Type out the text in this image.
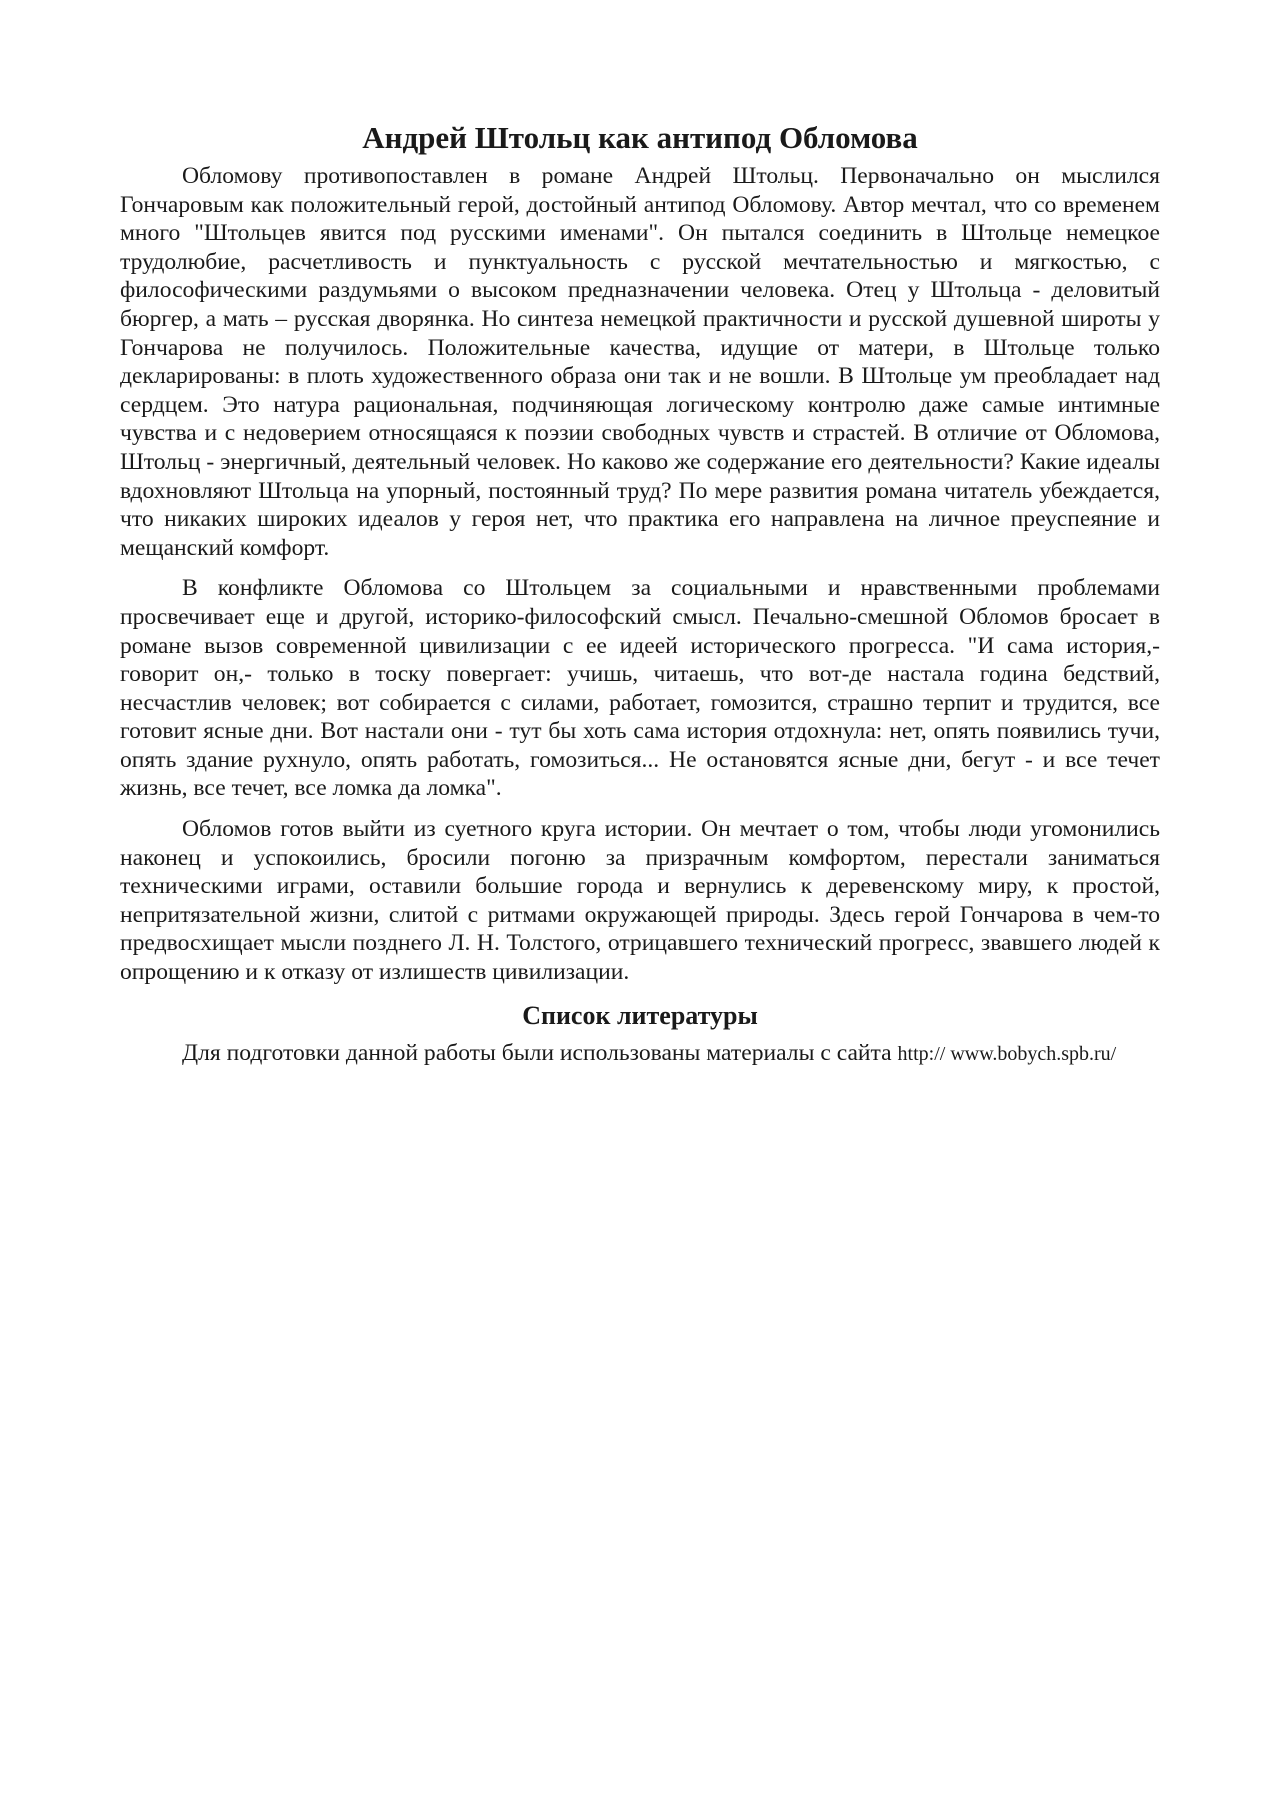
Андрей Штольц как антипод Обломова

Обломову противопоставлен в романе Андрей Штольц. Первоначально он мыслился Гончаровым как положительный герой, достойный антипод Обломову. Автор мечтал, что со временем много "Штольцев явится под русскими именами". Он пытался соединить в Штольце немецкое трудолюбие, расчетливость и пунктуальность с русской мечтательностью и мягкостью, с философическими раздумьями о высоком предназначении человека. Отец у Штольца - деловитый бюргер, а мать – русская дворянка. Но синтеза немецкой практичности и русской душевной широты у Гончарова не получилось. Положительные качества, идущие от матери, в Штольце только декларированы: в плоть художественного образа они так и не вошли. В Штольце ум преобладает над сердцем. Это натура рациональная, подчиняющая логическому контролю даже самые интимные чувства и с недоверием относящаяся к поэзии свободных чувств и страстей. В отличие от Обломова, Штольц - энергичный, деятельный человек. Но каково же содержание его деятельности? Какие идеалы вдохновляют Штольца на упорный, постоянный труд? По мере развития романа читатель убеждается, что никаких широких идеалов у героя нет, что практика его направлена на личное преуспеяние и мещанский комфорт.

В конфликте Обломова со Штольцем за социальными и нравственными проблемами просвечивает еще и другой, историко-философский смысл. Печально-смешной Обломов бросает в романе вызов современной цивилизации с ее идеей исторического прогресса. "И сама история,- говорит он,- только в тоску повергает: учишь, читаешь, что вот-де настала година бедствий, несчастлив человек; вот собирается с силами, работает, гомозится, страшно терпит и трудится, все готовит ясные дни. Вот настали они - тут бы хоть сама история отдохнула: нет, опять появились тучи, опять здание рухнуло, опять работать, гомозиться... Не остановятся ясные дни, бегут - и все течет жизнь, все течет, все ломка да ломка".

Обломов готов выйти из суетного круга истории. Он мечтает о том, чтобы люди угомонились наконец и успокоились, бросили погоню за призрачным комфортом, перестали заниматься техническими играми, оставили большие города и вернулись к деревенскому миру, к простой, непритязательной жизни, слитой с ритмами окружающей природы. Здесь герой Гончарова в чем-то предвосхищает мысли позднего Л. Н. Толстого, отрицавшего технический прогресс, звавшего людей к опрощению и к отказу от излишеств цивилизации.

Список литературы

Для подготовки данной работы были использованы материалы с сайта http:// www.bobych.spb.ru/
